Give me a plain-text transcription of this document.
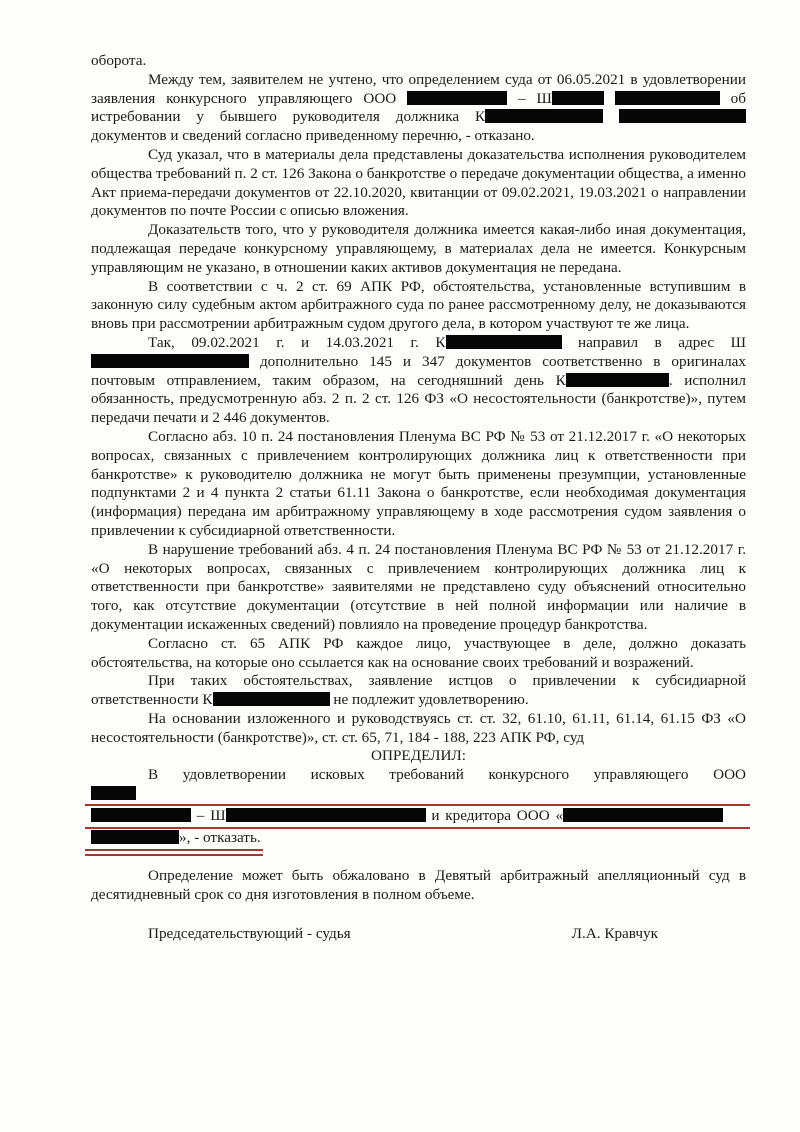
оборота.
Между тем, заявителем не учтено, что определением суда от 06.05.2021 в удовлетворении заявления конкурсного управляющего ООО	– Ш	об истребовании у бывшего руководителя должника К  документов и сведений согласно приведенному перечню, - отказано.
Суд указал, что в материалы дела представлены доказательства исполнения руководителем общества требований п. 2 ст. 126 Закона о банкротстве о передаче документации общества, а именно Акт приема-передачи документов от 22.10.2020, квитанции от 09.02.2021, 19.03.2021 о направлении документов по почте России с описью вложения.
Доказательств того, что у руководителя должника имеется какая-либо иная документация, подлежащая передаче конкурсному управляющему, в материалах дела не имеется. Конкурсным управляющим не указано, в отношении каких активов документация не передана.
В соответствии с ч. 2 ст. 69 АПК РФ, обстоятельства, установленные вступившим в законную силу судебным актом арбитражного суда по ранее рассмотренному делу, не доказываются вновь при рассмотрении арбитражным судом другого дела, в котором участвуют те же лица.
Так, 09.02.2021 г. и 14.03.2021 г. К	направил в адрес Ш дополнительно 145 и 347 документов соответственно в оригиналах почтовым отправлением, таким образом, на сегодняшний день К	. исполнил обязанность, предусмотренную абз. 2 п. 2 ст. 126 ФЗ «О несостоятельности (банкротстве)», путем передачи печати и 2 446 документов.
Согласно абз. 10 п. 24 постановления Пленума ВС РФ № 53 от 21.12.2017 г. «О некоторых вопросах, связанных с привлечением контролирующих должника лиц к ответственности при банкротстве» к руководителю должника не могут быть применены презумпции, установленные подпунктами 2 и 4 пункта 2 статьи 61.11 Закона о банкротстве, если необходимая документация (информация) передана им арбитражному управляющему в ходе рассмотрения судом заявления о привлечении к субсидиарной ответственности.
В нарушение требований абз. 4 п. 24 постановления Пленума ВС РФ № 53 от 21.12.2017 г. «О некоторых вопросах, связанных с привлечением контролирующих должника лиц к ответственности при банкротстве» заявителями не представлено суду объяснений относительно того, как отсутствие документации (отсутствие в ней полной информации или наличие в документации искаженных сведений) повлияло на проведение процедур банкротства.
Согласно ст. 65 АПК РФ каждое лицо, участвующее в деле, должно доказать обстоятельства, на которые оно ссылается как на основание своих требований и возражений.
При таких обстоятельствах, заявление истцов о привлечении к субсидиарной ответственности К	не подлежит удовлетворению.
На основании изложенного и руководствуясь ст. ст. 32, 61.10, 61.11, 61.14, 61.15 ФЗ «О несостоятельности (банкротстве)», ст. ст. 65, 71, 184 - 188, 223 АПК РФ, суд
ОПРЕДЕЛИЛ:
В удовлетворении исковых требований конкурсного управляющего ООО
– Ш	и кредитора ООО «
», - отказать.
Определение может быть обжаловано в Девятый арбитражный апелляционный суд в десятидневный срок со дня изготовления в полном объеме.
Председательствующий - судья	Л.А. Кравчук
